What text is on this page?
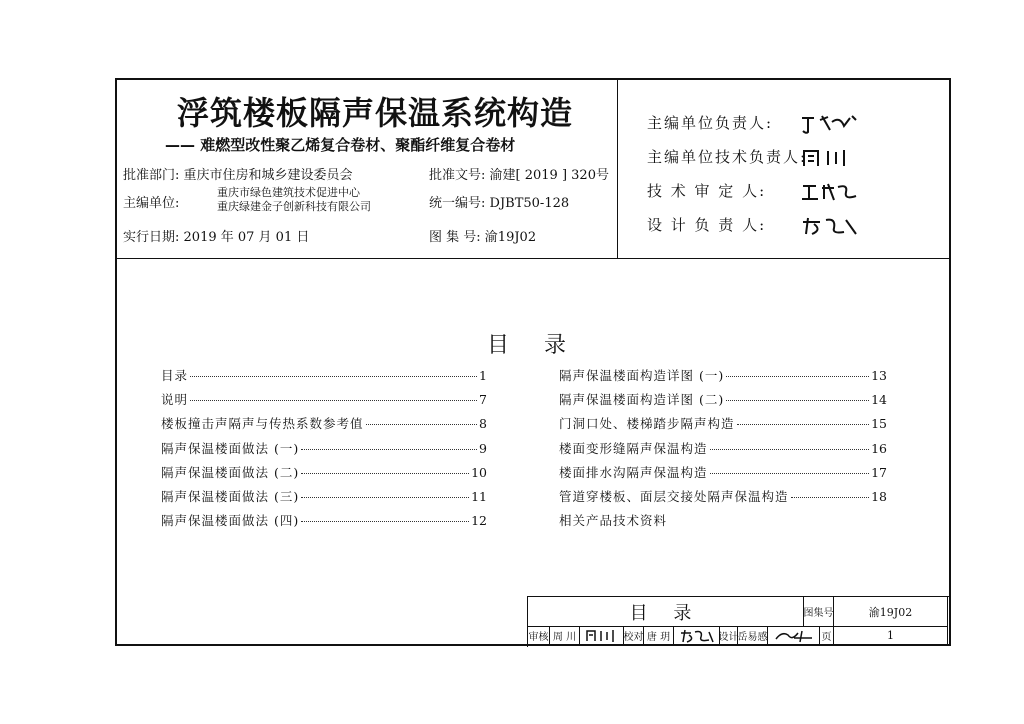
浮筑楼板隔声保温系统构造
—— 难燃型改性聚乙烯复合卷材、聚酯纤维复合卷材
批准部门: 重庆市住房和城乡建设委员会	批准文号: 渝建[ 2019 ] 320号
主编单位:
重庆市绿色建筑技术促进中心
重庆绿建金子创新科技有限公司	统一编号: DJBT50-128
实行日期: 2019 年 07 月 01 日	图 集 号: 渝19J02
主编单位负责人:
主编单位技术负责人:
技 术 审 定 人:
设 计 负 责 人:
目 录
目录	1
说明	7
楼板撞击声隔声与传热系数参考值	8
隔声保温楼面做法 (一)	9
隔声保温楼面做法 (二)	10
隔声保温楼面做法 (三)	11
隔声保温楼面做法 (四)	12
隔声保温楼面构造详图 (一)	13
隔声保温楼面构造详图 (二)	14
门洞口处、楼梯踏步隔声构造	15
楼面变形缝隔声保温构造	16
楼面排水沟隔声保温构造	17
管道穿楼板、面层交接处隔声保温构造	18
相关产品技术资料
目 录	图集号	渝19J02
审核 周 川	校对 唐 玥	设计 岳易感	页	1
